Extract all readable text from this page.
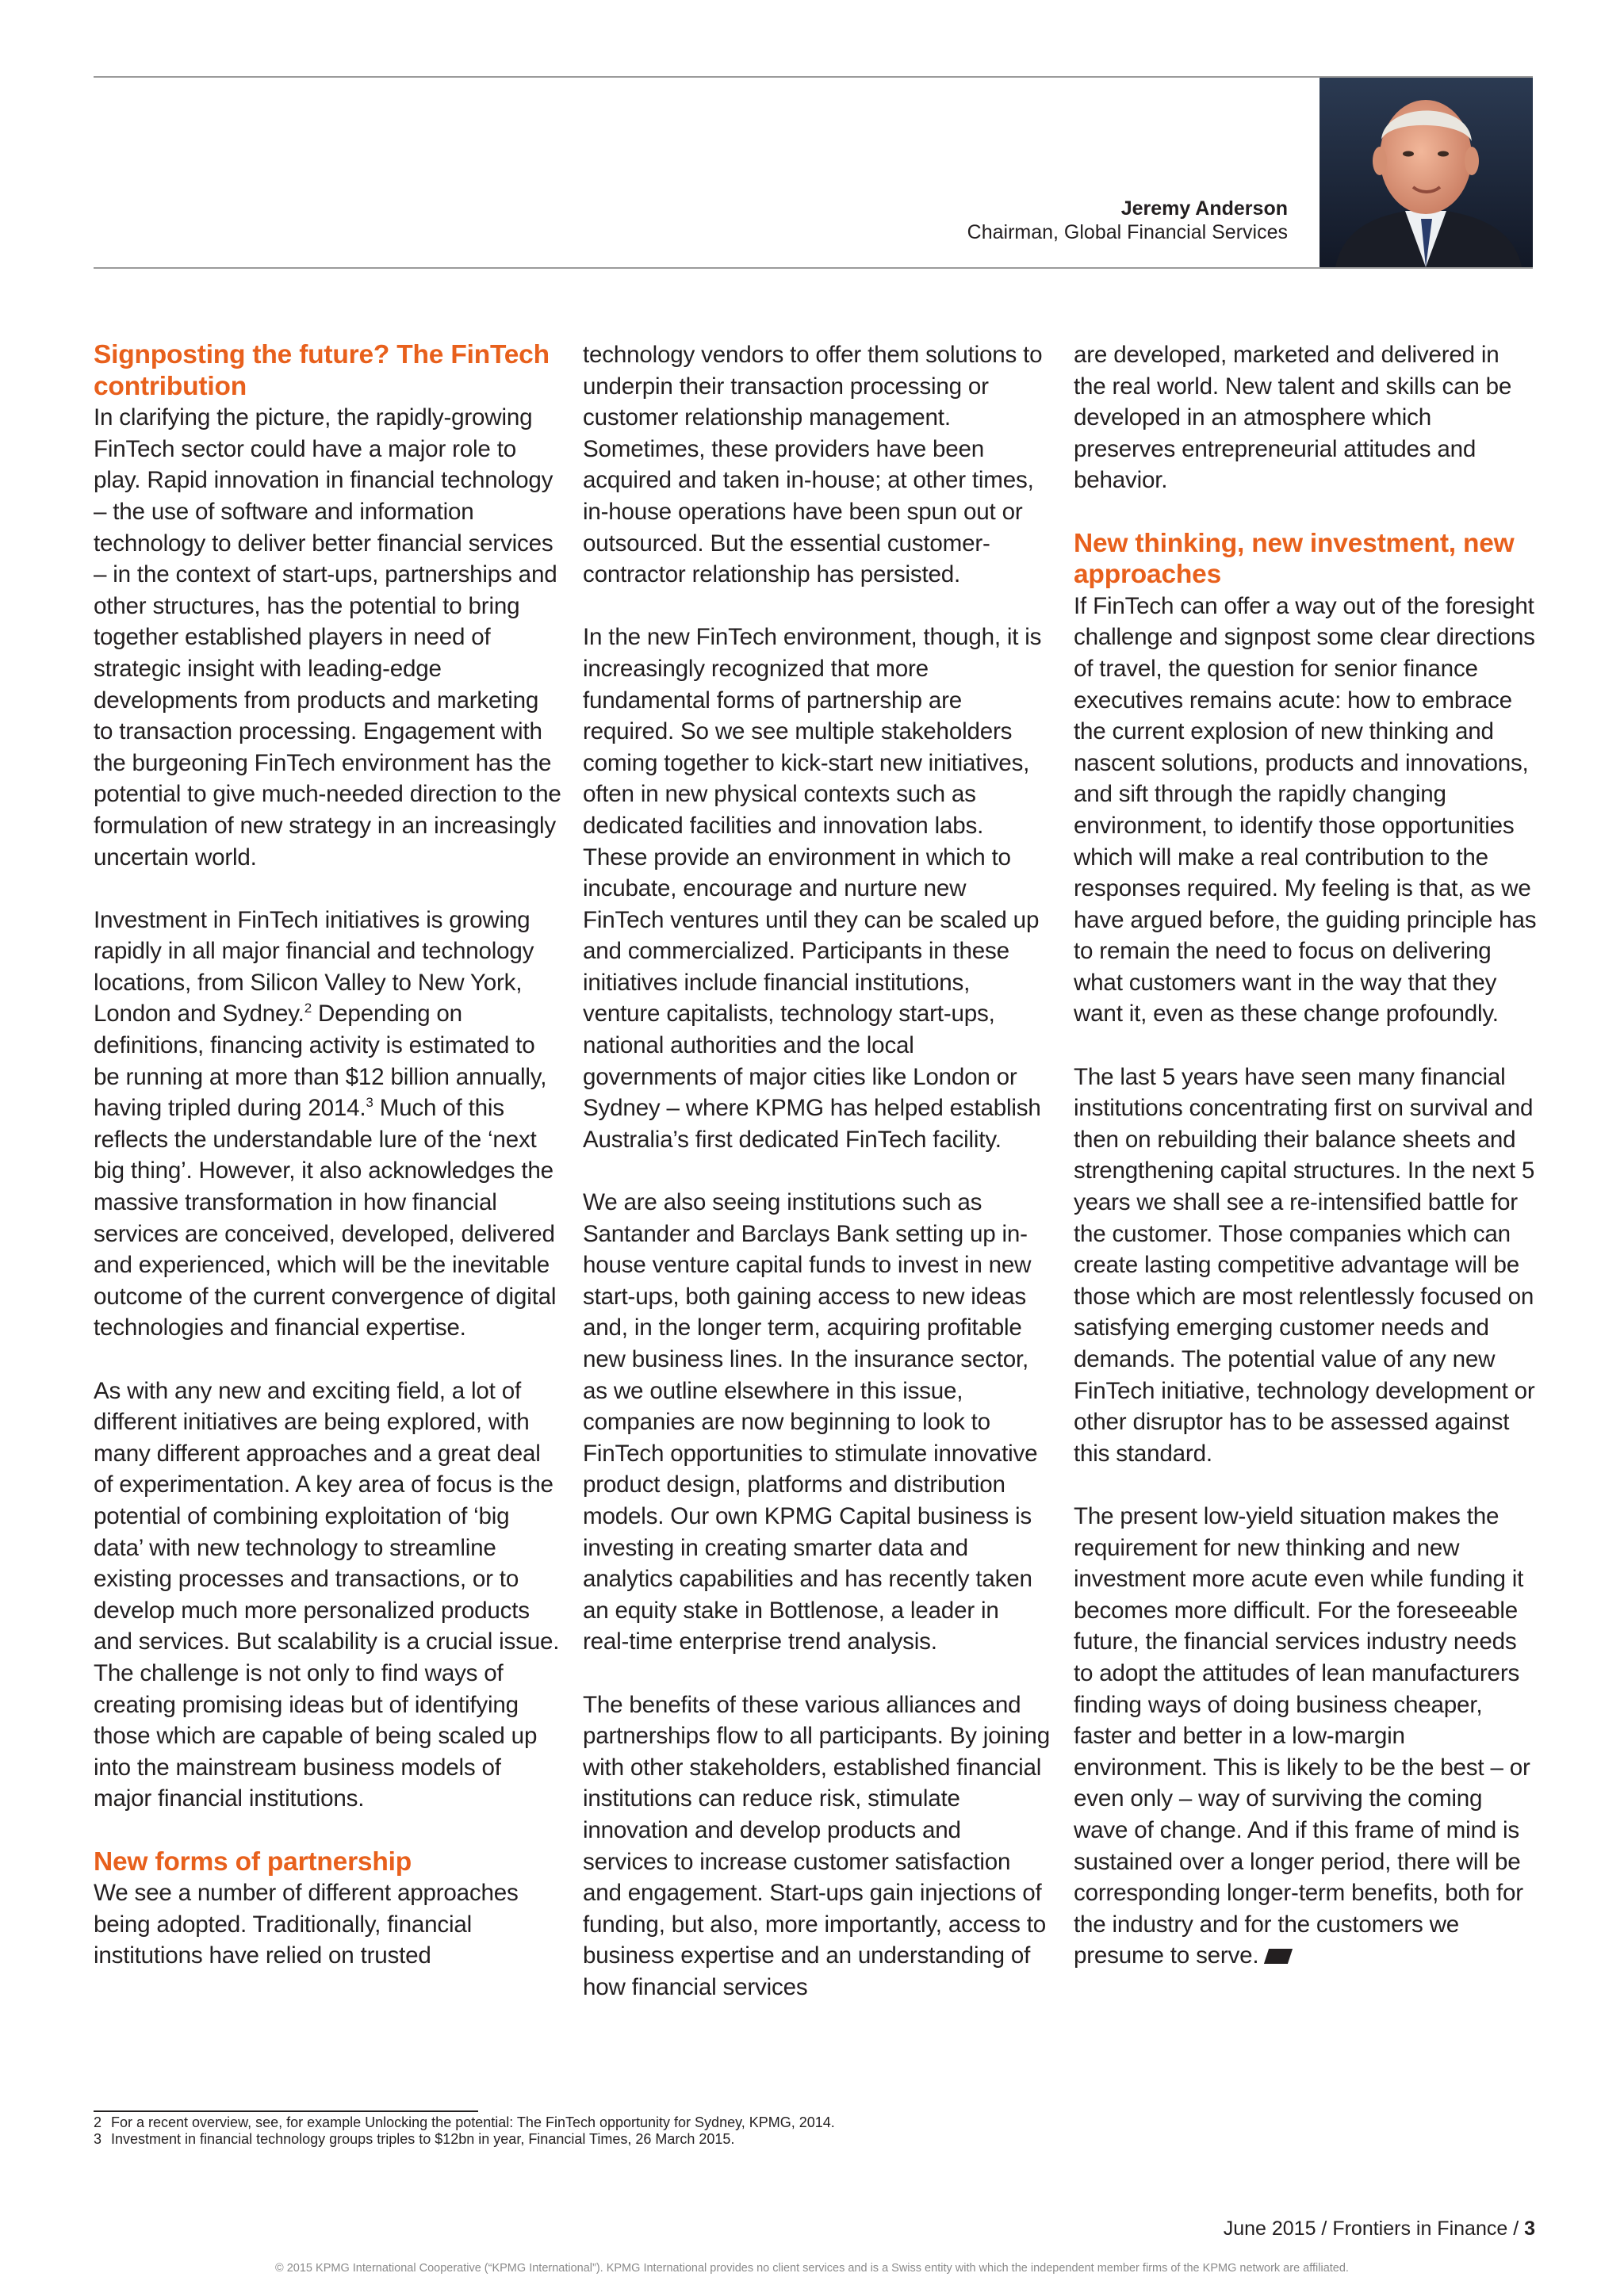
Jeremy Anderson
Chairman, Global Financial Services
Signposting the future? The FinTech contribution

In clarifying the picture, the rapidly-growing FinTech sector could have a major role to play. Rapid innovation in financial technology – the use of software and information technology to deliver better financial services – in the context of start-ups, partnerships and other structures, has the potential to bring together established players in need of strategic insight with leading-edge developments from products and marketing to transaction processing. Engagement with the burgeoning FinTech environment has the potential to give much-needed direction to the formulation of new strategy in an increasingly uncertain world.

Investment in FinTech initiatives is growing rapidly in all major financial and technology locations, from Silicon Valley to New York, London and Sydney.$^2$ Depending on definitions, financing activity is estimated to be running at more than $12 billion annually, having tripled during 2014.$^3$ Much of this reflects the understandable lure of the ‘next big thing’. However, it also acknowledges the massive transformation in how financial services are conceived, developed, delivered and experienced, which will be the inevitable outcome of the current convergence of digital technologies and financial expertise.

As with any new and exciting field, a lot of different initiatives are being explored, with many different approaches and a great deal of experimentation. A key area of focus is the potential of combining exploitation of ‘big data’ with new technology to streamline existing processes and transactions, or to develop much more personalized products and services. But scalability is a crucial issue. The challenge is not only to find ways of creating promising ideas but of identifying those which are capable of being scaled up into the mainstream business models of major financial institutions.

New forms of partnership

We see a number of different approaches being adopted. Traditionally, financial institutions have relied on trusted

technology vendors to offer them solutions to underpin their transaction processing or customer relationship management. Sometimes, these providers have been acquired and taken in-house; at other times, in-house operations have been spun out or outsourced. But the essential customer-contractor relationship has persisted.

In the new FinTech environment, though, it is increasingly recognized that more fundamental forms of partnership are required. So we see multiple stakeholders coming together to kick-start new initiatives, often in new physical contexts such as dedicated facilities and innovation labs. These provide an environment in which to incubate, encourage and nurture new FinTech ventures until they can be scaled up and commercialized. Participants in these initiatives include financial institutions, venture capitalists, technology start-ups, national authorities and the local governments of major cities like London or Sydney – where KPMG has helped establish Australia’s first dedicated FinTech facility.

We are also seeing institutions such as Santander and Barclays Bank setting up in-house venture capital funds to invest in new start-ups, both gaining access to new ideas and, in the longer term, acquiring profitable new business lines. In the insurance sector, as we outline elsewhere in this issue, companies are now beginning to look to FinTech opportunities to stimulate innovative product design, platforms and distribution models. Our own KPMG Capital business is investing in creating smarter data and analytics capabilities and has recently taken an equity stake in Bottlenose, a leader in real-time enterprise trend analysis.

The benefits of these various alliances and partnerships flow to all participants. By joining with other stakeholders, established financial institutions can reduce risk, stimulate innovation and develop products and services to increase customer satisfaction and engagement. Start-ups gain injections of funding, but also, more importantly, access to business expertise and an understanding of how financial services

are developed, marketed and delivered in the real world. New talent and skills can be developed in an atmosphere which preserves entrepreneurial attitudes and behavior.

New thinking, new investment, new approaches

If FinTech can offer a way out of the foresight challenge and signpost some clear directions of travel, the question for senior finance executives remains acute: how to embrace the current explosion of new thinking and nascent solutions, products and innovations, and sift through the rapidly changing environment, to identify those opportunities which will make a real contribution to the responses required. My feeling is that, as we have argued before, the guiding principle has to remain the need to focus on delivering what customers want in the way that they want it, even as these change profoundly.

The last 5 years have seen many financial institutions concentrating first on survival and then on rebuilding their balance sheets and strengthening capital structures. In the next 5 years we shall see a re-intensified battle for the customer. Those companies which can create lasting competitive advantage will be those which are most relentlessly focused on satisfying emerging customer needs and demands. The potential value of any new FinTech initiative, technology development or other disruptor has to be assessed against this standard.

The present low-yield situation makes the requirement for new thinking and new investment more acute even while funding it becomes more difficult. For the foreseeable future, the financial services industry needs to adopt the attitudes of lean manufacturers finding ways of doing business cheaper, faster and better in a low-margin environment. This is likely to be the best – or even only – way of surviving the coming wave of change. And if this frame of mind is sustained over a longer period, there will be corresponding longer-term benefits, both for the industry and for the customers we presume to serve.

2 For a recent overview, see, for example Unlocking the potential: The FinTech opportunity for Sydney, KPMG, 2014.
3 Investment in financial technology groups triples to $12bn in year, Financial Times, 26 March 2015.
June 2015 / Frontiers in Finance / 3
© 2015 KPMG International Cooperative (“KPMG International”). KPMG International provides no client services and is a Swiss entity with which the independent member firms of the KPMG network are affiliated.
